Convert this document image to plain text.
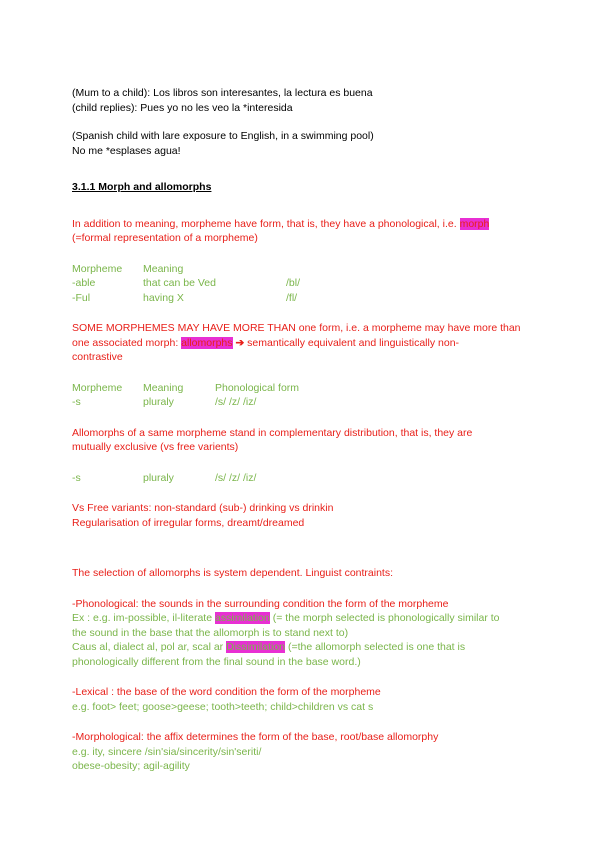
(Mum to a child): Los libros son interesantes, la lectura es buena

(child replies): Pues yo no les veo la *interesida

(Spanish child with lare exposure to English, in a swimming pool)

No me *esplases agua!

3.1.1 Morph and allomorphs

In addition to meaning, morpheme have form, that is, they have a phonological, i.e. morph

(=formal representation of a morpheme)

Morpheme	Meaning
-able	that can be Ved	/bl/
-Ful	having X	/fl/

SOME MORPHEMES MAY HAVE MORE THAN one form, i.e. a morpheme may have more than

one associated morph: allomorphs ➔ semantically equivalent and linguistically non-

contrastive

Morpheme	Meaning	Phonological form
-s	pluraly	/s/ /z/ /iz/

Allomorphs of a same morpheme stand in complementary distribution, that is, they are

mutually exclusive (vs free varients)

-s	pluraly	/s/ /z/ /iz/

Vs Free variants: non-standard (sub-) drinking vs drinkin

Regularisation of irregular forms, dreamt/dreamed

The selection of allomorphs is system dependent. Linguist contraints:

-Phonological: the sounds in the surrounding condition the form of the morpheme

Ex : e.g. im-possible, il-literate assimilation (= the morph selected is phonologically similar to

the sound in the base that the allomorph is to stand next to)

Caus al, dialect al, pol ar, scal ar Dissimilation (=the allomorph selected is one that is

phonologically different from the final sound in the base word.)

-Lexical : the base of the word condition the form of the morpheme

e.g. foot> feet; goose>geese; tooth>teeth; child>children vs cat s

-Morphological: the affix determines the form of the base, root/base allomorphy

e.g. ity, sincere /sin'sia/sincerity/sin'seriti/

obese-obesity; agil-agility
